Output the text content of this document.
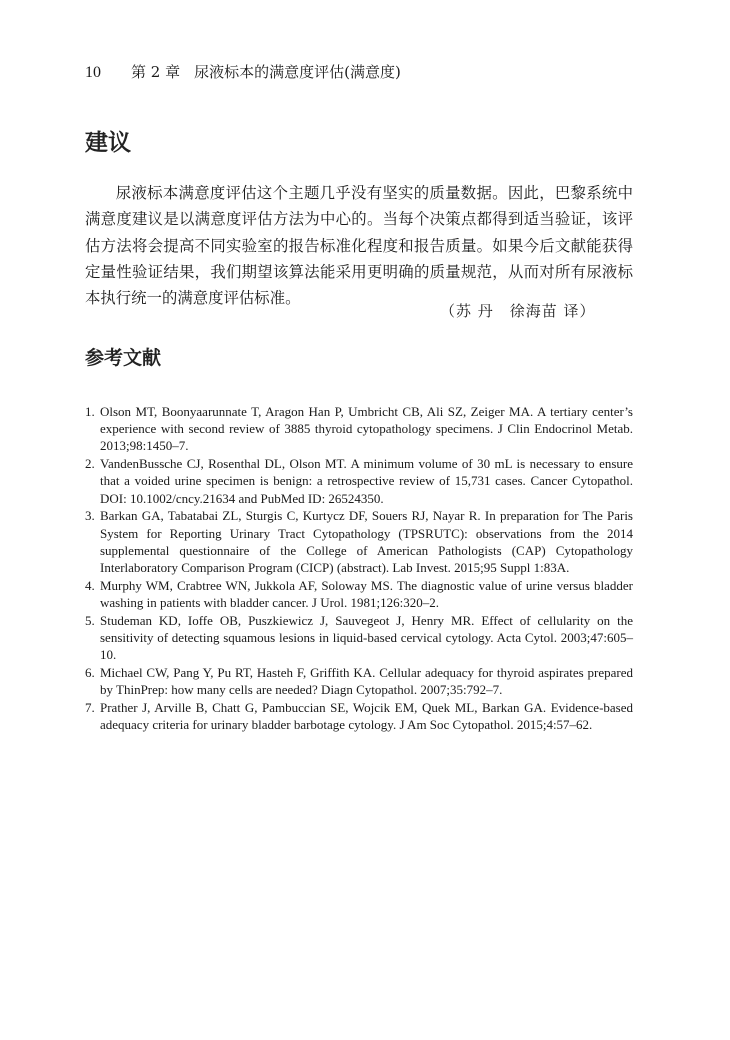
10 第 2 章 尿液标本的满意度评估(满意度)
建议

尿液标本满意度评估这个主题几乎没有坚实的质量数据。因此，巴黎系统中满意度建议是以满意度评估方法为中心的。当每个决策点都得到适当验证，该评估方法将会提高不同实验室的报告标准化程度和报告质量。如果今后文献能获得定量性验证结果，我们期望该算法能采用更明确的质量规范，从而对所有尿液标本执行统一的满意度评估标准。

（苏 丹　徐海苗 译）
参考文献
1. Olson MT, Boonyaarunnate T, Aragon Han P, Umbricht CB, Ali SZ, Zeiger MA. A tertiary center’s experience with second review of 3885 thyroid cytopathology specimens. J Clin Endocrinol Metab. 2013;98:1450–7.
2. VandenBussche CJ, Rosenthal DL, Olson MT. A minimum volume of 30 mL is necessary to ensure that a voided urine specimen is benign: a retrospective review of 15,731 cases. Cancer Cytopathol. DOI: 10.1002/cncy.21634 and PubMed ID: 26524350.
3. Barkan GA, Tabatabai ZL, Sturgis C, Kurtycz DF, Souers RJ, Nayar R. In preparation for The Paris System for Reporting Urinary Tract Cytopathology (TPSRUTC): observations from the 2014 supplemental questionnaire of the College of American Pathologists (CAP) Cytopathology Interlaboratory Comparison Program (CICP) (abstract). Lab Invest. 2015;95 Suppl 1:83A.
4. Murphy WM, Crabtree WN, Jukkola AF, Soloway MS. The diagnostic value of urine versus bladder washing in patients with bladder cancer. J Urol. 1981;126:320–2.
5. Studeman KD, Ioffe OB, Puszkiewicz J, Sauvegeot J, Henry MR. Effect of cellularity on the sensitivity of detecting squamous lesions in liquid-based cervical cytology. Acta Cytol. 2003;47:605–10.
6. Michael CW, Pang Y, Pu RT, Hasteh F, Griffith KA. Cellular adequacy for thyroid aspirates prepared by ThinPrep: how many cells are needed? Diagn Cytopathol. 2007;35:792–7.
7. Prather J, Arville B, Chatt G, Pambuccian SE, Wojcik EM, Quek ML, Barkan GA. Evidence-based adequacy criteria for urinary bladder barbotage cytology. J Am Soc Cytopathol. 2015;4:57–62.
